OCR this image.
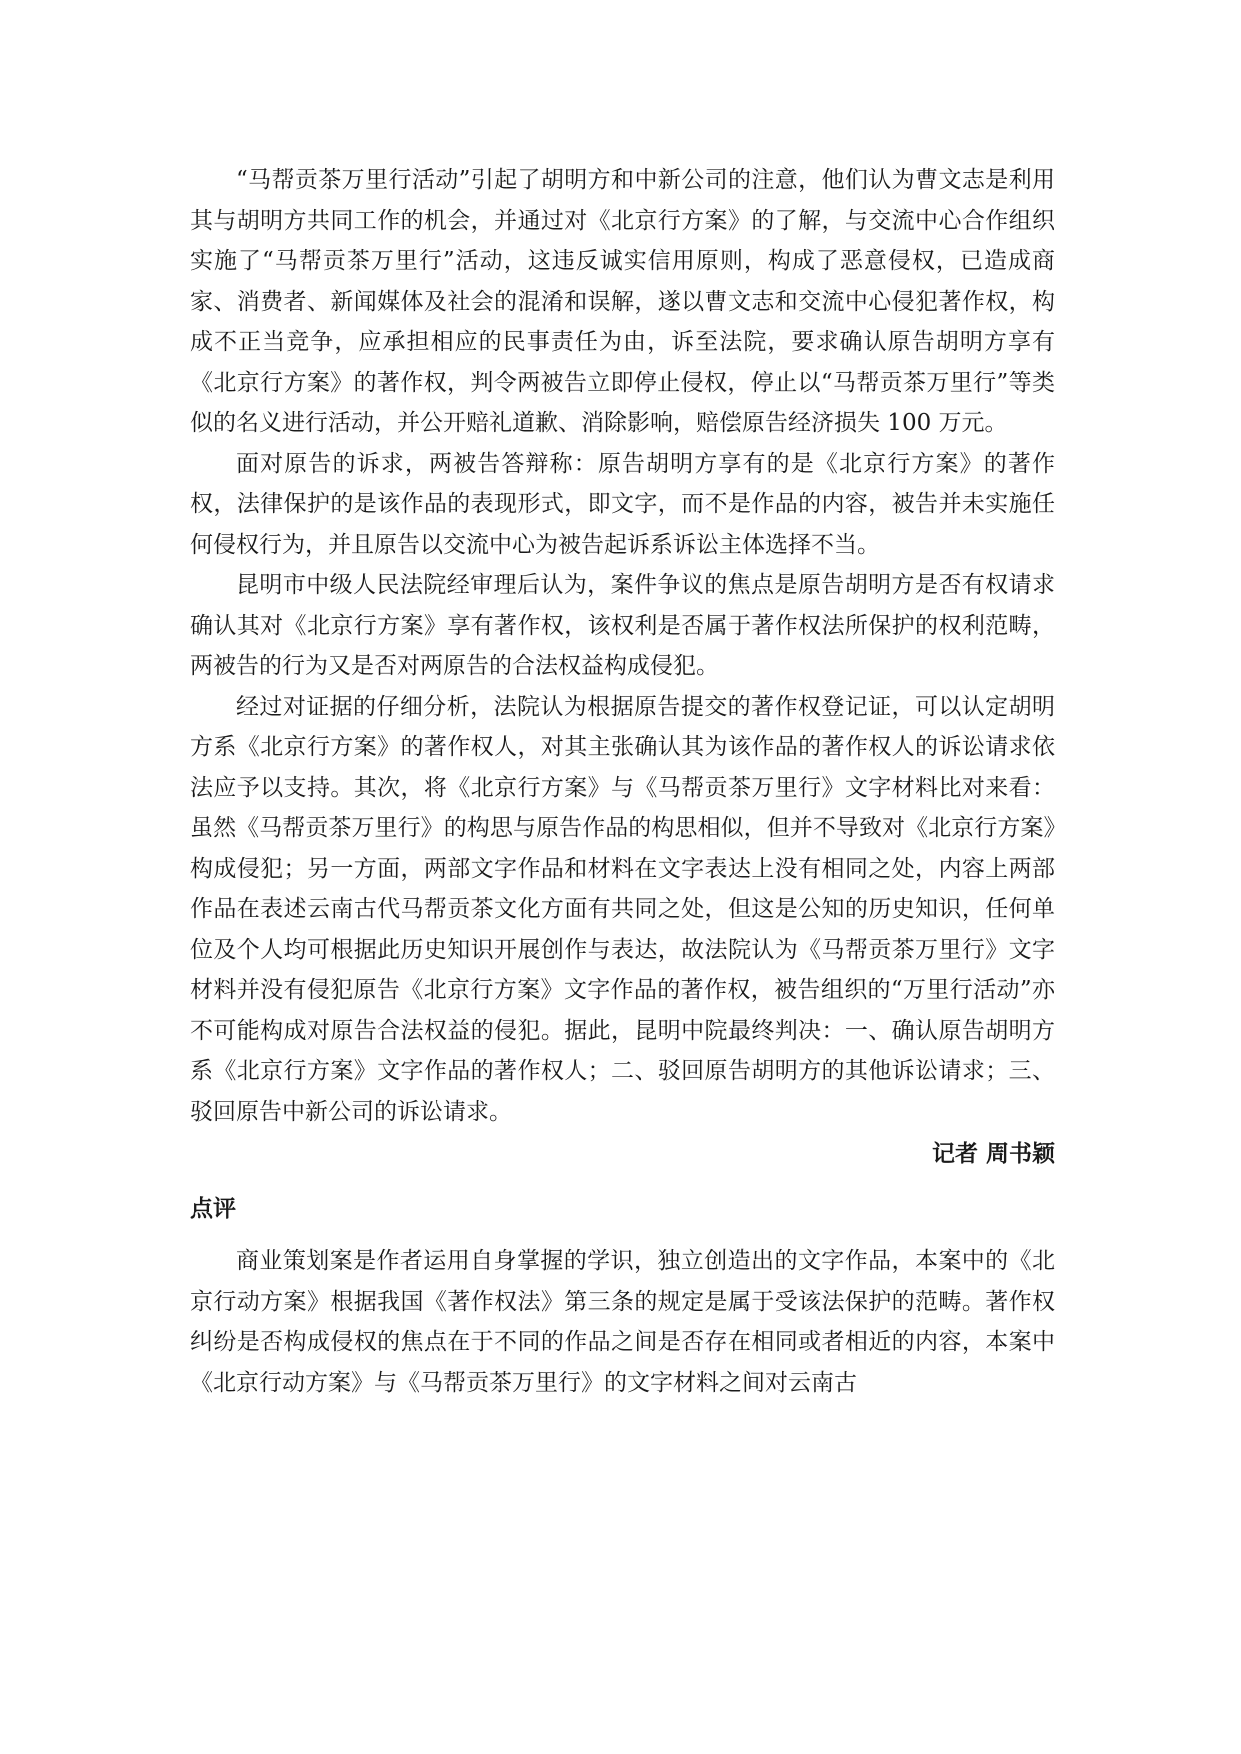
“马帮贡茶万里行活动”引起了胡明方和中新公司的注意，他们认为曹文志是利用其与胡明方共同工作的机会，并通过对《北京行方案》的了解，与交流中心合作组织实施了“马帮贡茶万里行”活动，这违反诚实信用原则，构成了恶意侵权，已造成商家、消费者、新闻媒体及社会的混淆和误解，遂以曹文志和交流中心侵犯著作权，构成不正当竞争，应承担相应的民事责任为由，诉至法院，要求确认原告胡明方享有《北京行方案》的著作权，判令两被告立即停止侵权，停止以“马帮贡茶万里行”等类似的名义进行活动，并公开赔礼道歉、消除影响，赔偿原告经济损失 100 万元。

面对原告的诉求，两被告答辩称：原告胡明方享有的是《北京行方案》的著作权，法律保护的是该作品的表现形式，即文字，而不是作品的内容，被告并未实施任何侵权行为，并且原告以交流中心为被告起诉系诉讼主体选择不当。

昆明市中级人民法院经审理后认为，案件争议的焦点是原告胡明方是否有权请求确认其对《北京行方案》享有著作权，该权利是否属于著作权法所保护的权利范畴，两被告的行为又是否对两原告的合法权益构成侵犯。

经过对证据的仔细分析，法院认为根据原告提交的著作权登记证，可以认定胡明方系《北京行方案》的著作权人，对其主张确认其为该作品的著作权人的诉讼请求依法应予以支持。其次，将《北京行方案》与《马帮贡茶万里行》文字材料比对来看：虽然《马帮贡茶万里行》的构思与原告作品的构思相似，但并不导致对《北京行方案》构成侵犯；另一方面，两部文字作品和材料在文字表达上没有相同之处，内容上两部作品在表述云南古代马帮贡茶文化方面有共同之处，但这是公知的历史知识，任何单位及个人均可根据此历史知识开展创作与表达，故法院认为《马帮贡茶万里行》文字材料并没有侵犯原告《北京行方案》文字作品的著作权，被告组织的“万里行活动”亦不可能构成对原告合法权益的侵犯。据此，昆明中院最终判决：一、确认原告胡明方系《北京行方案》文字作品的著作权人；二、驳回原告胡明方的其他诉讼请求；三、驳回原告中新公司的诉讼请求。

记者 周书颖
点评

商业策划案是作者运用自身掌握的学识，独立创造出的文字作品，本案中的《北京行动方案》根据我国《著作权法》第三条的规定是属于受该法保护的范畴。著作权纠纷是否构成侵权的焦点在于不同的作品之间是否存在相同或者相近的内容，本案中《北京行动方案》与《马帮贡茶万里行》的文字材料之间对云南古
